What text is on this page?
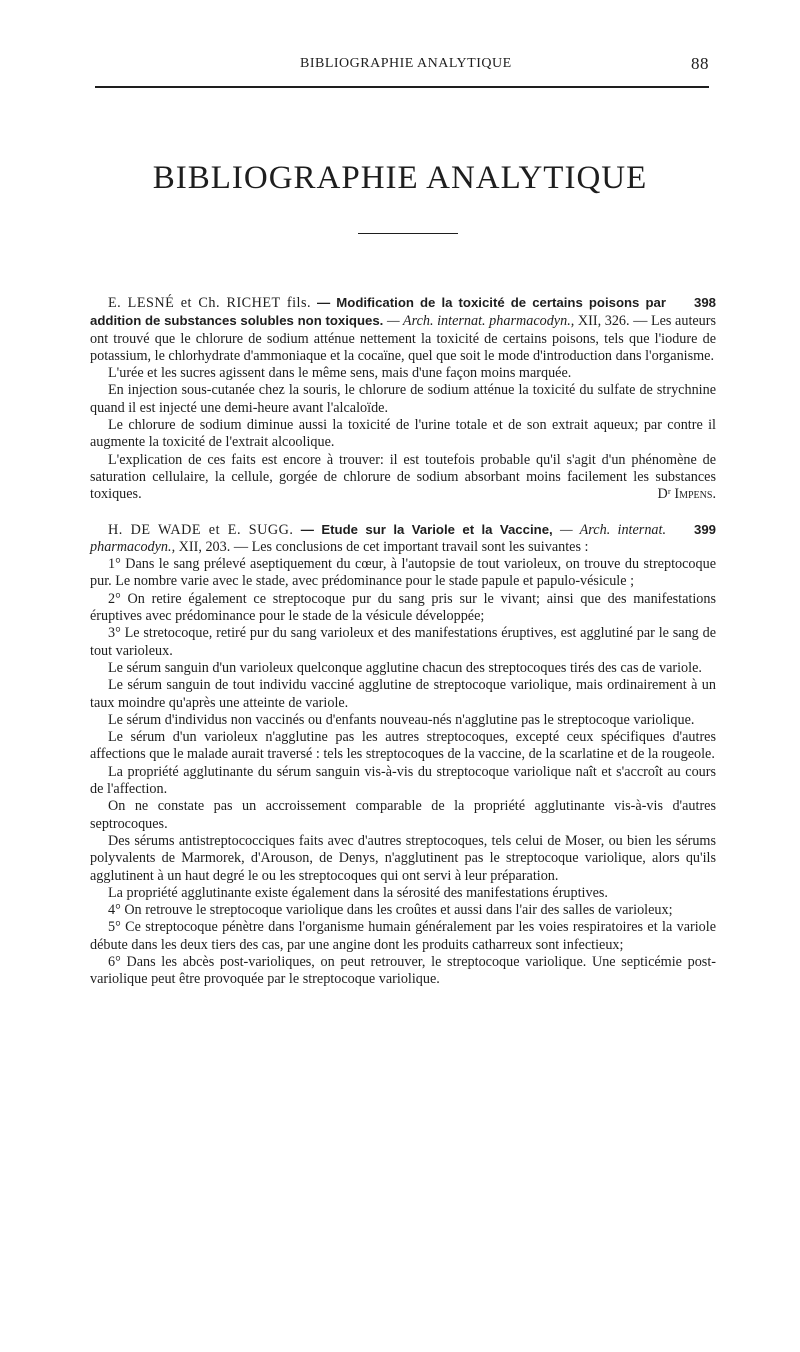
BIBLIOGRAPHIE ANALYTIQUE	88
BIBLIOGRAPHIE ANALYTIQUE

398
E. LESNÉ et Ch. RICHET fils. — Modification de la toxicité de certains poisons par addition de substances solubles non toxiques. — Arch. internat. pharmacodyn., XII, 326. — Les auteurs ont trouvé que le chlorure de sodium atténue nettement la toxicité de certains poisons, tels que l'iodure de potassium, le chlorhydrate d'ammoniaque et la cocaïne, quel que soit le mode d'introduction dans l'organisme.

L'urée et les sucres agissent dans le même sens, mais d'une façon moins marquée.

En injection sous-cutanée chez la souris, le chlorure de sodium atténue la toxicité du sulfate de strychnine quand il est injecté une demi-heure avant l'alcaloïde.

Le chlorure de sodium diminue aussi la toxicité de l'urine totale et de son extrait aqueux; par contre il augmente la toxicité de l'extrait alcoolique.

L'explication de ces faits est encore à trouver: il est toutefois probable qu'il s'agit d'un phénomène de saturation cellulaire, la cellule, gorgée de chlorure de sodium absorbant moins facilement les substances toxiques.	Dʳ Impens.

399
H. DE WADE et E. SUGG. — Etude sur la Variole et la Vaccine, — Arch. internat. pharmacodyn., XII, 203. — Les conclusions de cet important travail sont les suivantes :

1° Dans le sang prélevé aseptiquement du cœur, à l'autopsie de tout varioleux, on trouve du streptocoque pur. Le nombre varie avec le stade, avec prédominance pour le stade papule et papulo-vésicule ;

2° On retire également ce streptocoque pur du sang pris sur le vivant; ainsi que des manifestations éruptives avec prédominance pour le stade de la vésicule développée;

3° Le stretocoque, retiré pur du sang varioleux et des manifestations éruptives, est agglutiné par le sang de tout varioleux.

Le sérum sanguin d'un varioleux quelconque agglutine chacun des streptocoques tirés des cas de variole.

Le sérum sanguin de tout individu vacciné agglutine de streptocoque variolique, mais ordinairement à un taux moindre qu'après une atteinte de variole.

Le sérum d'individus non vaccinés ou d'enfants nouveau-nés n'agglutine pas le streptocoque variolique.

Le sérum d'un varioleux n'agglutine pas les autres streptocoques, excepté ceux spécifiques d'autres affections que le malade aurait traversé : tels les streptocoques de la vaccine, de la scarlatine et de la rougeole.

La propriété agglutinante du sérum sanguin vis-à-vis du streptocoque variolique naît et s'accroît au cours de l'affection.

On ne constate pas un accroissement comparable de la propriété agglutinante vis-à-vis d'autres septrocoques.

Des sérums antistreptococciques faits avec d'autres streptocoques, tels celui de Moser, ou bien les sérums polyvalents de Marmorek, d'Arouson, de Denys, n'agglutinent pas le streptocoque variolique, alors qu'ils agglutinent à un haut degré le ou les streptocoques qui ont servi à leur préparation.

La propriété agglutinante existe également dans la sérosité des manifestations éruptives.

4° On retrouve le streptocoque variolique dans les croûtes et aussi dans l'air des salles de varioleux;

5° Ce streptocoque pénètre dans l'organisme humain généralement par les voies respiratoires et la variole débute dans les deux tiers des cas, par une angine dont les produits catharreux sont infectieux;

6° Dans les abcès post-varioliques, on peut retrouver, le streptocoque variolique. Une septicémie post-variolique peut être provoquée par le streptocoque variolique.
